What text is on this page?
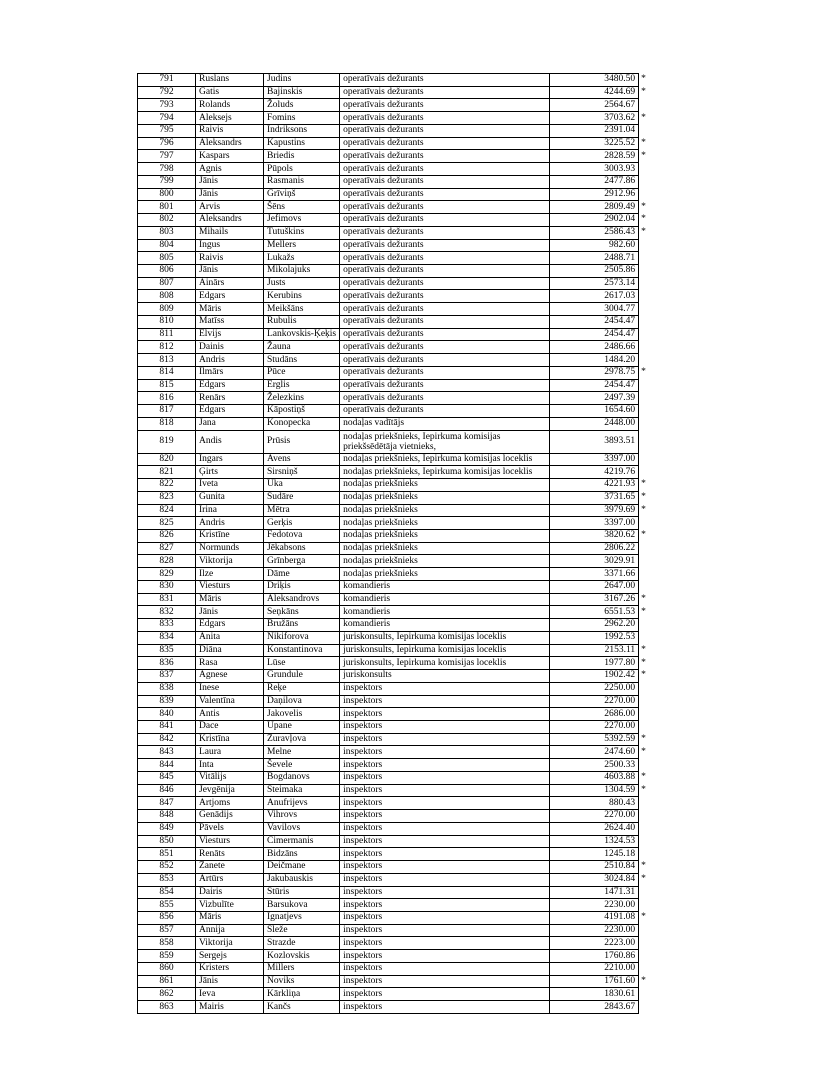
791	Ruslans	Judins	operatīvais dežurants	3480.50	*
792	Gatis	Bajinskis	operatīvais dežurants	4244.69	*
793	Rolands	Žoluds	operatīvais dežurants	2564.67	
794	Aleksejs	Fomins	operatīvais dežurants	3703.62	*
795	Raivis	Indriksons	operatīvais dežurants	2391.04	
796	Aleksandrs	Kapustins	operatīvais dežurants	3225.52	*
797	Kaspars	Briedis	operatīvais dežurants	2828.59	*
798	Agnis	Pūpols	operatīvais dežurants	3003.93	
799	Jānis	Rasmanis	operatīvais dežurants	2477.86	
800	Jānis	Grīviņš	operatīvais dežurants	2912.96	
801	Arvis	Šēns	operatīvais dežurants	2809.49	*
802	Aleksandrs	Jefimovs	operatīvais dežurants	2902.04	*
803	Mihails	Tutuškins	operatīvais dežurants	2586.43	*
804	Ingus	Mellers	operatīvais dežurants	982.60	
805	Raivis	Lukažs	operatīvais dežurants	2488.71	
806	Jānis	Mikolajuks	operatīvais dežurants	2505.86	
807	Ainārs	Justs	operatīvais dežurants	2573.14	
808	Edgars	Kerubins	operatīvais dežurants	2617.03	
809	Māris	Meikšāns	operatīvais dežurants	3004.77	
810	Matīss	Rubulis	operatīvais dežurants	2454.47	
811	Elvijs	Lankovskis-Ķeķis	operatīvais dežurants	2454.47	
812	Dainis	Žauna	operatīvais dežurants	2486.66	
813	Andris	Studāns	operatīvais dežurants	1484.20	
814	Ilmārs	Pūce	operatīvais dežurants	2978.75	*
815	Edgars	Ērglis	operatīvais dežurants	2454.47	
816	Renārs	Železkins	operatīvais dežurants	2497.39	
817	Edgars	Kāpostiņš	operatīvais dežurants	1654.60	
818	Jana	Konopecka	nodaļas vadītājs	2448.00	
819	Andis	Prūsis	nodaļas priekšnieks, Iepirkuma komisijas priekšsēdētāja vietnieks,	3893.51	
820	Ingars	Avens	nodaļas priekšnieks, Iepirkuma komisijas loceklis	3397.00	
821	Ģirts	Sirsniņš	nodaļas priekšnieks, Iepirkuma komisijas loceklis	4219.76	
822	Iveta	Uka	nodaļas priekšnieks	4221.93	*
823	Gunita	Sudāre	nodaļas priekšnieks	3731.65	*
824	Irina	Mētra	nodaļas priekšnieks	3979.69	*
825	Andris	Gerķis	nodaļas priekšnieks	3397.00	
826	Kristīne	Fedotova	nodaļas priekšnieks	3820.62	*
827	Normunds	Jēkabsons	nodaļas priekšnieks	2806.22	
828	Viktorija	Grīnberga	nodaļas priekšnieks	3029.91	
829	Ilze	Dāme	nodaļas priekšnieks	3371.66	
830	Viesturs	Driķis	komandieris	2647.00	
831	Māris	Aleksandrovs	komandieris	3167.26	*
832	Jānis	Seņkāns	komandieris	6551.53	*
833	Edgars	Bružāns	komandieris	2962.20	
834	Anita	Nikiforova	juriskonsults, Iepirkuma komisijas loceklis	1992.53	
835	Diāna	Konstantinova	juriskonsults, Iepirkuma komisijas loceklis	2153.11	*
836	Rasa	Lūse	juriskonsults, Iepirkuma komisijas loceklis	1977.80	*
837	Agnese	Grundule	juriskonsults	1902.42	*
838	Inese	Reķe	inspektors	2250.00	
839	Valentīna	Daņilova	inspektors	2270.00	
840	Antis	Jakovelis	inspektors	2686.00	
841	Dace	Upane	inspektors	2270.00	
842	Kristīna	Žuravļova	inspektors	5392.59	*
843	Laura	Melne	inspektors	2474.60	*
844	Inta	Ševele	inspektors	2500.33	
845	Vitālijs	Bogdanovs	inspektors	4603.88	*
846	Jevgēnija	Šteimaka	inspektors	1304.59	*
847	Artjoms	Anufrijevs	inspektors	880.43	
848	Genādijs	Vihrovs	inspektors	2270.00	
849	Pāvels	Vavilovs	inspektors	2624.40	
850	Viesturs	Cimermanis	inspektors	1324.53	
851	Renāts	Bidzāns	inspektors	1245.18	
852	Žanete	Deičmane	inspektors	2510.84	*
853	Artūrs	Jakubauskis	inspektors	3024.84	*
854	Dairis	Stūris	inspektors	1471.31	
855	Vizbulīte	Barsukova	inspektors	2230.00	
856	Māris	Ignatjevs	inspektors	4191.08	*
857	Annija	Sleže	inspektors	2230.00	
858	Viktorija	Strazde	inspektors	2223.00	
859	Sergejs	Kozlovskis	inspektors	1760.86	
860	Kristers	Millers	inspektors	2210.00	
861	Jānis	Noviks	inspektors	1761.60	*
862	Ieva	Kārkliņa	inspektors	1830.61	
863	Mairis	Kančs	inspektors	2843.67	
